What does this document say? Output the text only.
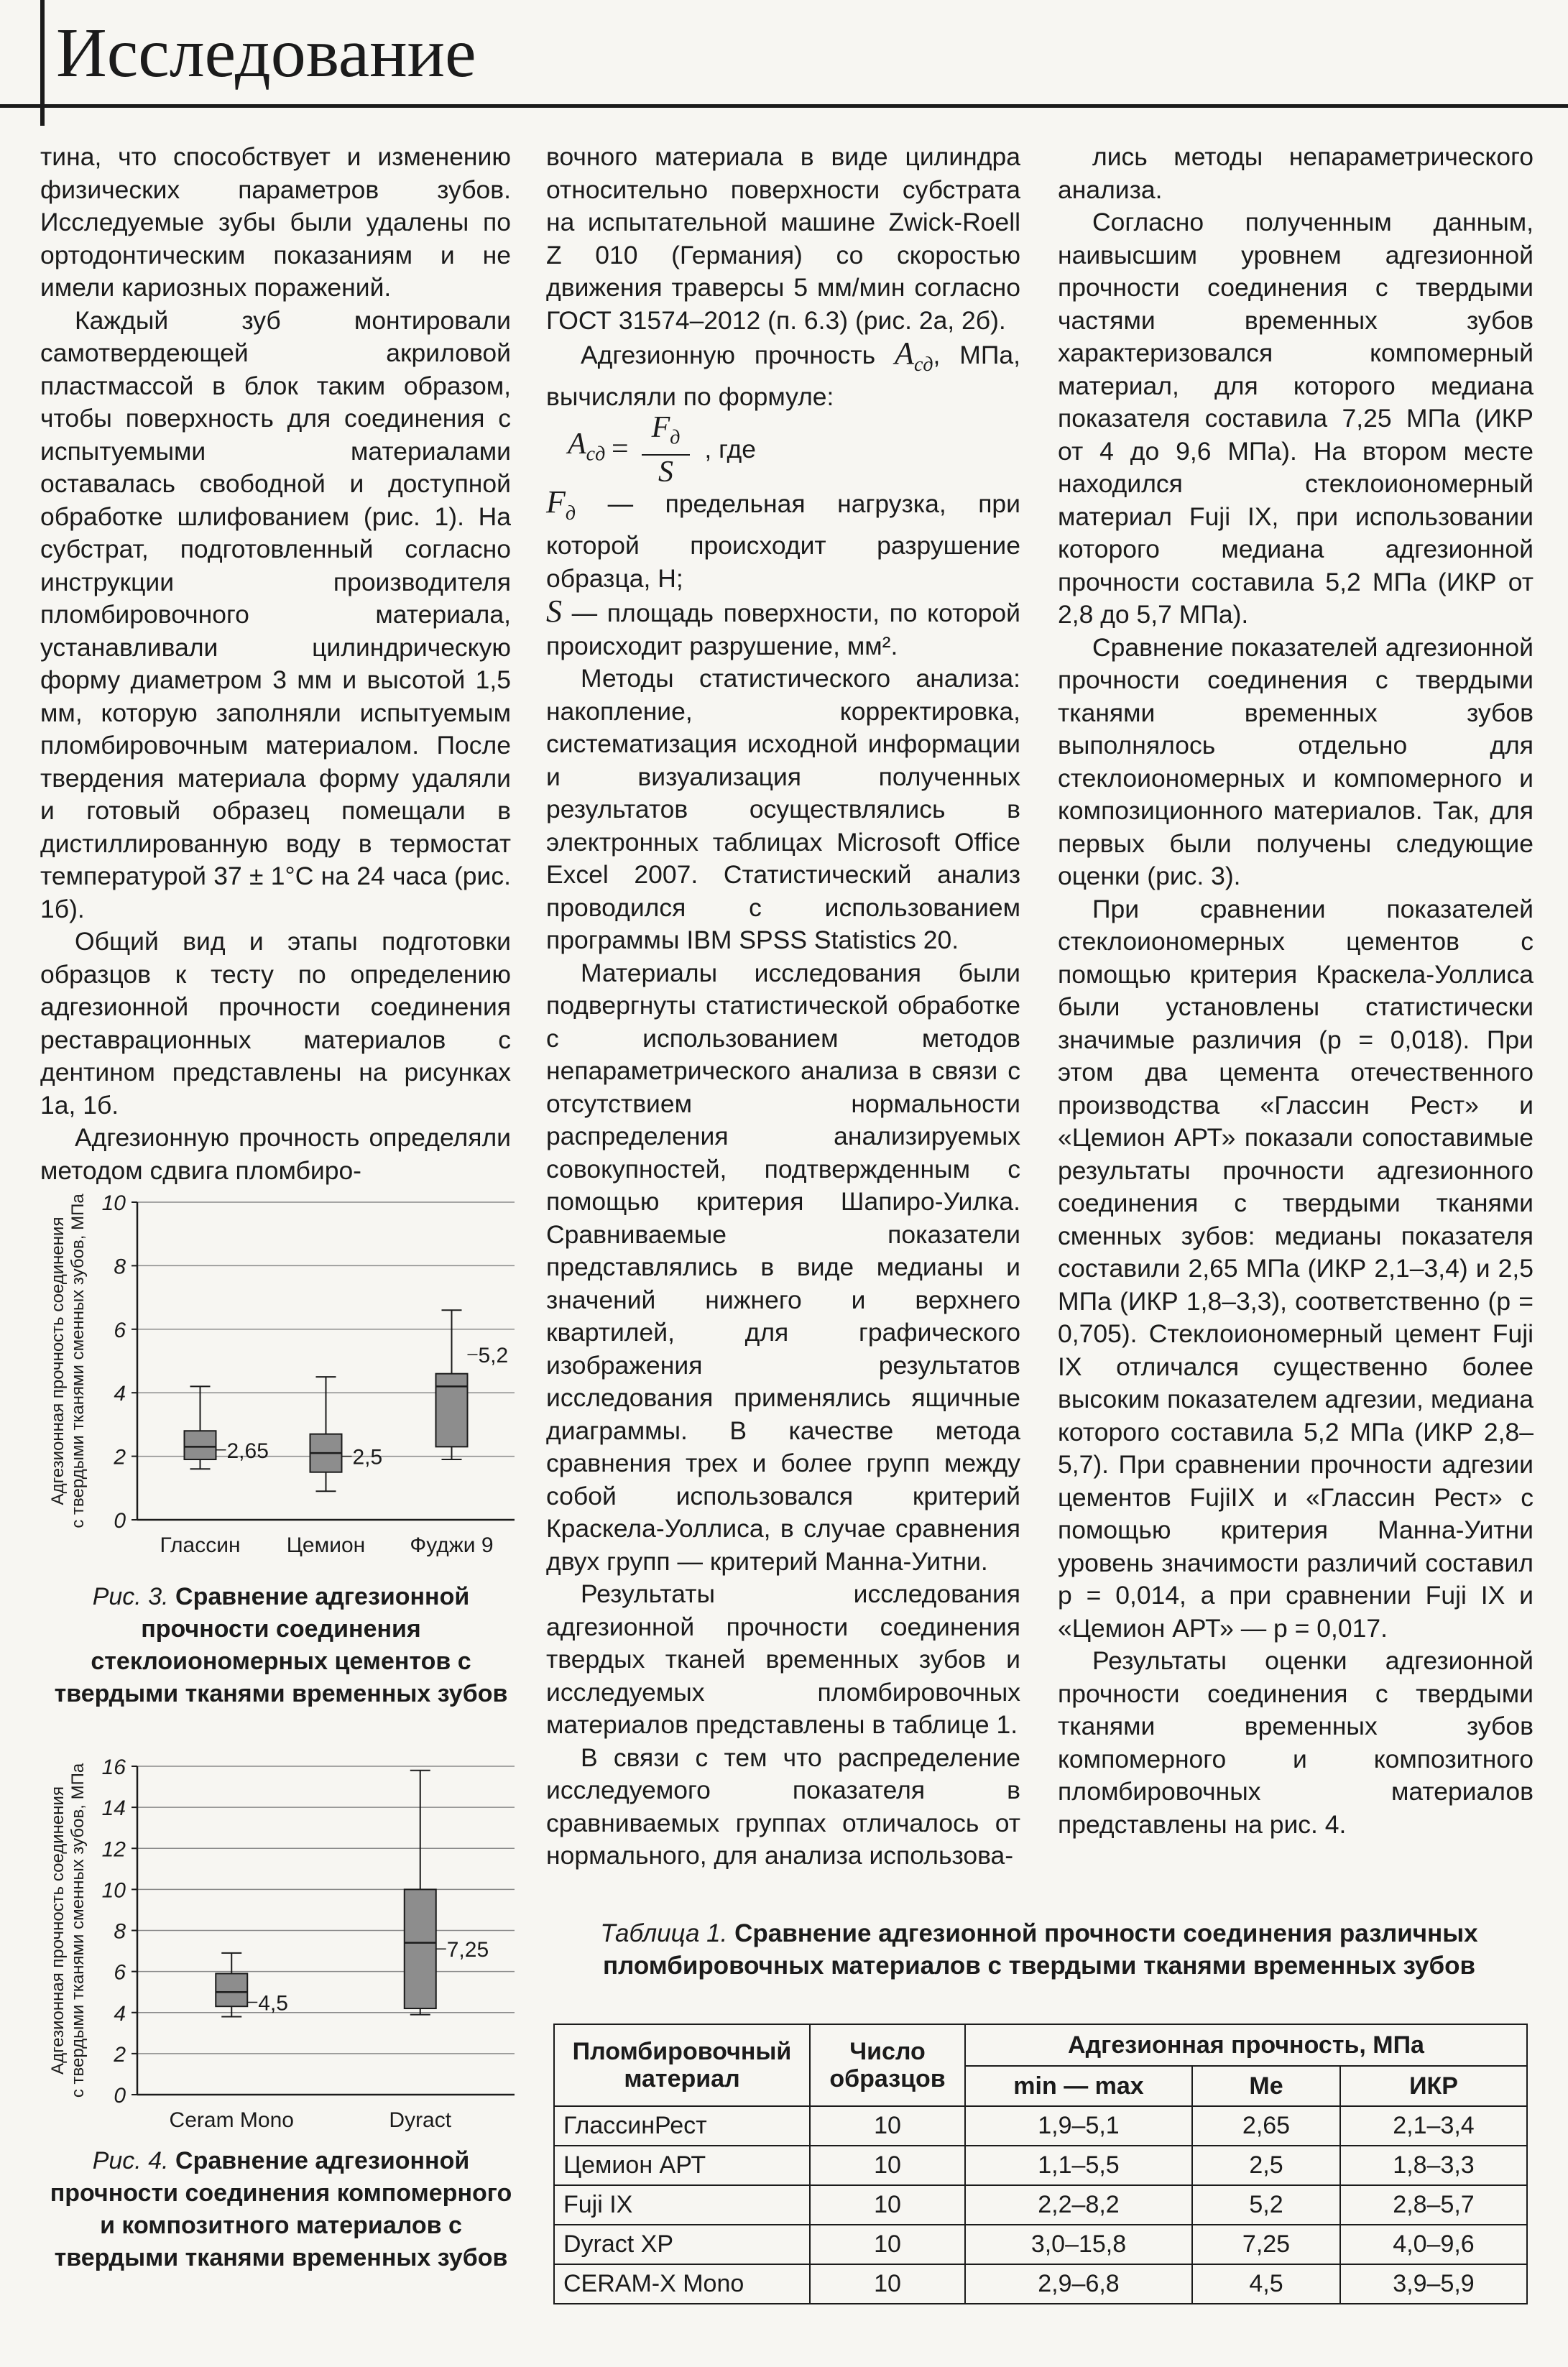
Исследование

тина, что способствует и изменению физических параметров зубов. Исследуемые зубы были удалены по ортодонтическим показаниям и не имели кариозных поражений.

Каждый зуб монтировали самотвердеющей акриловой пластмассой в блок таким образом, чтобы поверхность для соединения с испытуемыми материалами оставалась свободной и доступной обработке шлифованием (рис. 1). На субстрат, подготовленный согласно инструкции производителя пломбировочного материала, устанавливали цилиндрическую форму диаметром 3 мм и высотой 1,5 мм, которую заполняли испытуемым пломбировочным материалом. После твердения материала форму удаляли и готовый образец помещали в дистиллированную воду в термостат температурой 37 ± 1°С на 24 часа (рис. 1б).

Общий вид и этапы подготовки образцов к тесту по определению адгезионной прочности соединения реставрационных материалов с дентином представлены на рисунках 1а, 1б.

Адгезионную прочность определяли методом сдвига пломбиро-

вочного материала в виде цилиндра относительно поверхности субстрата на испытательной машине Zwick-Roell Z 010 (Германия) со скоростью движения траверсы 5 мм/мин согласно ГОСТ 31574–2012 (п. 6.3) (рис. 2а, 2б).

Адгезионную прочность $A_{сд}$, МПа, вычисляли по формуле:

$A_{сд} = \frac{F_д}{S}$ , где

$F_д$ — предельная нагрузка, при которой происходит разрушение образца, Н;

S — площадь поверхности, по которой происходит разрушение, мм².

Методы статистического анализа: накопление, корректировка, систематизация исходной информации и визуализация полученных результатов осуществлялись в электронных таблицах Microsoft Office Excel 2007. Статистический анализ проводился с использованием программы IBM SPSS Statistics 20.

Материалы исследования были подвергнуты статистической обработке с использованием методов непараметрического анализа в связи с отсутствием нормальности распределения анализируемых совокупностей, подтвержденным с помощью критерия Шапиро-Уилка. Сравниваемые показатели представлялись в виде медианы и значений нижнего и верхнего квартилей, для графического изображения результатов исследования применялись ящичные диаграммы. В качестве метода сравнения трех и более групп между собой использовался критерий Краскела-Уоллиса, в случае сравнения двух групп — критерий Манна-Уитни.

Результаты исследования адгезионной прочности соединения твердых тканей временных зубов и исследуемых пломбировочных материалов представлены в таблице 1.

В связи с тем что распределение исследуемого показателя в сравниваемых группах отличалось от нормального, для анализа использова-

лись методы непараметрического анализа.

Согласно полученным данным, наивысшим уровнем адгезионной прочности соединения с твердыми частями временных зубов характеризовался компомерный материал, для которого медиана показателя составила 7,25 МПа (ИКР от 4 до 9,6 МПа). На втором месте находился стеклоиономерный материал Fuji IX, при использовании которого медиана адгезионной прочности составила 5,2 МПа (ИКР от 2,8 до 5,7 МПа).

Сравнение показателей адгезионной прочности соединения с твердыми тканями временных зубов выполнялось отдельно для стеклоиономерных и компомерного и композиционного материалов. Так, для первых были получены следующие оценки (рис. 3).

При сравнении показателей стеклоиономерных цементов с помощью критерия Краскела-Уоллиса были установлены статистически значимые различия (р = 0,018). При этом два цемента отечественного производства «Глассин Рест» и «Цемион АРТ» показали сопоставимые результаты прочности адгезионного соединения с твердыми тканями сменных зубов: медианы показателя составили 2,65 МПа (ИКР 2,1–3,4) и 2,5 МПа (ИКР 1,8–3,3), соответственно (р = 0,705). Стеклоиономерный цемент Fuji IX отличался существенно более высоким показателем адгезии, медиана которого составила 5,2 МПа (ИКР 2,8–5,7). При сравнении прочности адгезии цементов FujiIX и «Глассин Рест» с помощью критерия Манна-Уитни уровень значимости различий составил р = 0,014, а при сравнении Fuji IX и «Цемион АРТ» — р = 0,017.

Результаты оценки адгезионной прочности соединения с твердыми тканями временных зубов компомерного и композитного пломбировочных материалов представлены на рис. 4.

0
2
4
6
8
10
Адгезионная прочность соединенияс твердыми тканями сменных зубов, МПа	2,65
Глассин
2,5
Цемион
5,2
Фуджи 9
Рис. 3. Сравнение адгезионной прочности соединения стеклоиономерных цементов с твердыми тканями временных зубов
0
2
4
6
8
10
12
14
16
Адгезионная прочность соединенияс твердыми тканями сменных зубов, МПа	4,5
Ceram Mono
7,25
Dyract
Рис. 4. Сравнение адгезионной прочности соединения компомерного и композитного материалов с твердыми тканями временных зубов
Таблица 1. Сравнение адгезионной прочности соединения различных пломбировочных материалов с твердыми тканями временных зубов
Пломбировочный материал	Число образцов	Адгезионная прочность, МПа		
		min — max	Me	ИКР
ГлассинРест	10	1,9–5,1	2,65	2,1–3,4
Цемион АРТ	10	1,1–5,5	2,5	1,8–3,3
Fuji IX	10	2,2–8,2	5,2	2,8–5,7
Dyract XP	10	3,0–15,8	7,25	4,0–9,6
CERAM-X Mono	10	2,9–6,8	4,5	3,9–5,9
